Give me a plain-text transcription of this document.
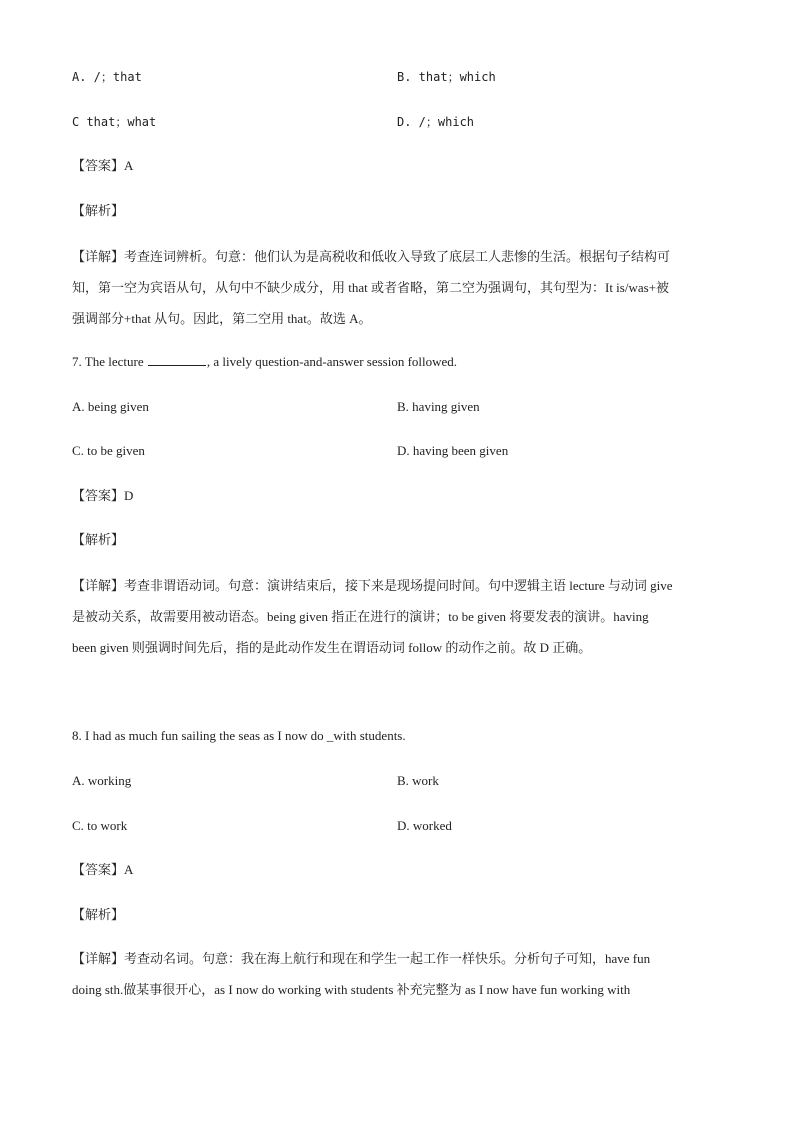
A. /；that	B. that；which
C that；what	D. /；which
【答案】A
【解析】
【详解】考查连词辨析。句意：他们认为是高税收和低收入导致了底层工人悲惨的生活。根据句子结构可
知，第一空为宾语从句，从句中不缺少成分，用 that 或者省略，第二空为强调句，其句型为：It is/was+被
强调部分+that 从句。因此，第二空用 that。故选 A。
7. The lecture	, a lively question-and-answer session followed.
A. being given	B. having given
C. to be given	D. having been given
【答案】D
【解析】
【详解】考查非谓语动词。句意：演讲结束后，接下来是现场提问时间。句中逻辑主语 lecture 与动词 give
是被动关系，故需要用被动语态。being given 指正在进行的演讲；to be given 将要发表的演讲。having
been given 则强调时间先后，指的是此动作发生在谓语动词 follow 的动作之前。故 D 正确。
8. I had as much fun sailing the seas as I now do _with students.
A. working	B. work
C. to work	D. worked
【答案】A
【解析】
【详解】考查动名词。句意：我在海上航行和现在和学生一起工作一样快乐。分析句子可知，have fun
doing sth.做某事很开心，as I now do working with students 补充完整为 as I now have fun working with
